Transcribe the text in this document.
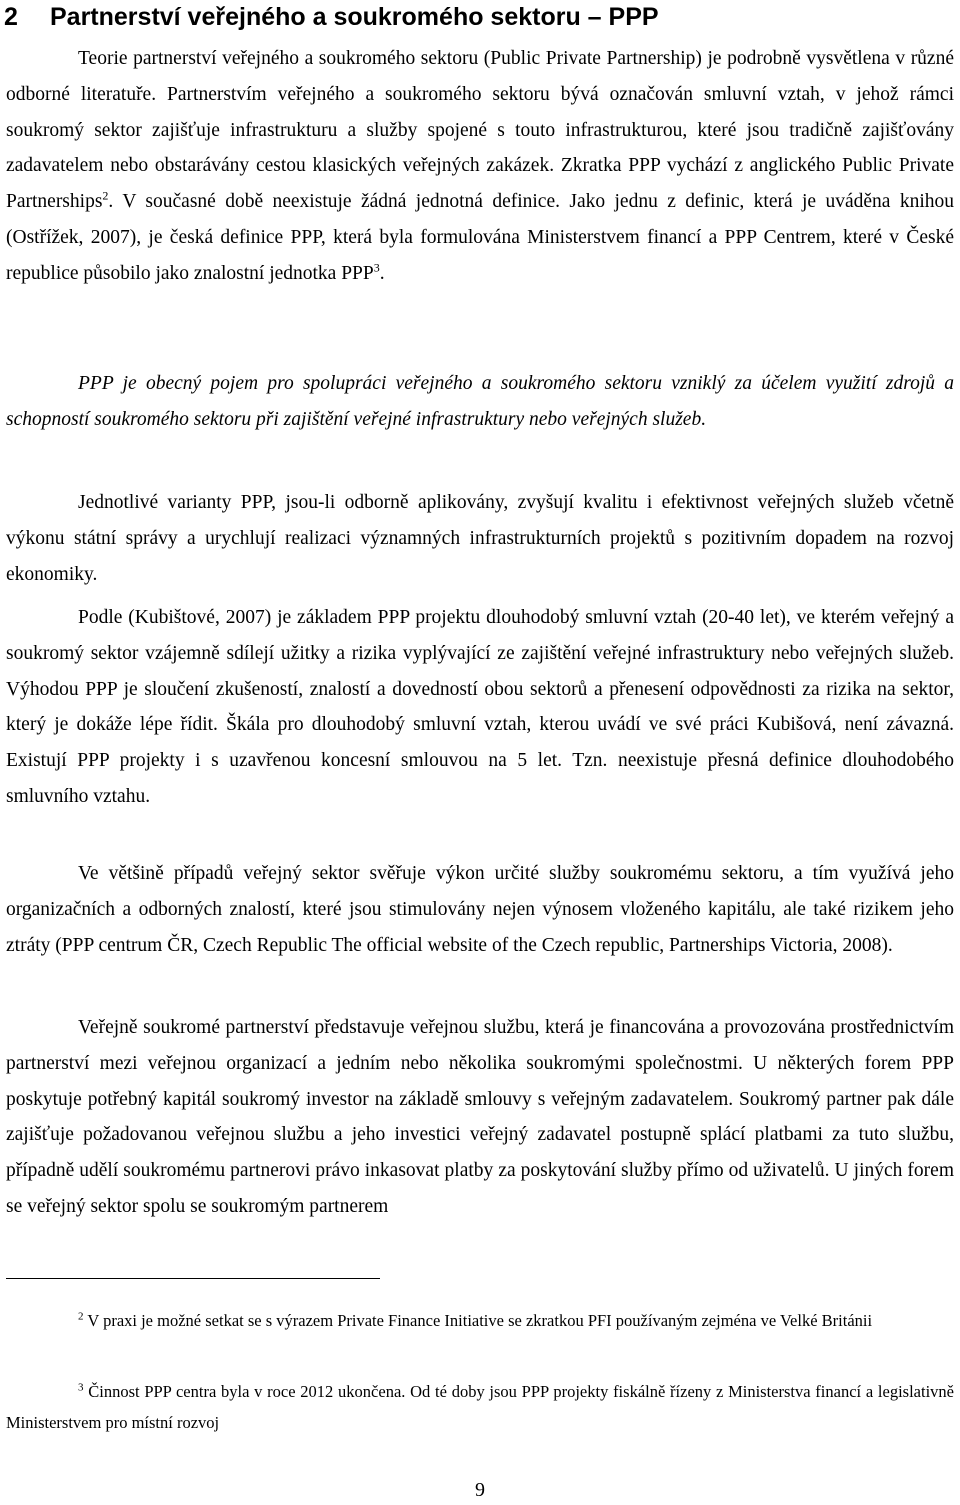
2 Partnerství veřejného a soukromého sektoru – PPP

Teorie partnerství veřejného a soukromého sektoru (Public Private Partnership) je podrobně vysvětlena v různé odborné literatuře. Partnerstvím veřejného a soukromého sektoru bývá označován smluvní vztah, v jehož rámci soukromý sektor zajišťuje infrastrukturu a služby spojené s touto infrastrukturou, které jsou tradičně zajišťovány zadavatelem nebo obstarávány cestou klasických veřejných zakázek. Zkratka PPP vychází z anglického Public Private Partnerships$^2$. V současné době neexistuje žádná jednotná definice. Jako jednu z definic, která je uváděna knihou (Ostřížek, 2007), je česká definice PPP, která byla formulována Ministerstvem financí a PPP Centrem, které v České republice působilo jako znalostní jednotka PPP$^3$.

PPP je obecný pojem pro spolupráci veřejného a soukromého sektoru vzniklý za účelem využití zdrojů a schopností soukromého sektoru při zajištění veřejné infrastruktury nebo veřejných služeb.

Jednotlivé varianty PPP, jsou-li odborně aplikovány, zvyšují kvalitu i efektivnost veřejných služeb včetně výkonu státní správy a urychlují realizaci významných infrastrukturních projektů s pozitivním dopadem na rozvoj ekonomiky.

Podle (Kubištové, 2007) je základem PPP projektu dlouhodobý smluvní vztah (20-40 let), ve kterém veřejný a soukromý sektor vzájemně sdílejí užitky a rizika vyplývající ze zajištění veřejné infrastruktury nebo veřejných služeb. Výhodou PPP je sloučení zkušeností, znalostí a dovedností obou sektorů a přenesení odpovědnosti za rizika na sektor, který je dokáže lépe řídit. Škála pro dlouhodobý smluvní vztah, kterou uvádí ve své práci Kubišová, není závazná. Existují PPP projekty i s uzavřenou koncesní smlouvou na 5 let. Tzn. neexistuje přesná definice dlouhodobého smluvního vztahu.

Ve většině případů veřejný sektor svěřuje výkon určité služby soukromému sektoru, a tím využívá jeho organizačních a odborných znalostí, které jsou stimulovány nejen výnosem vloženého kapitálu, ale také rizikem jeho ztráty (PPP centrum ČR, Czech Republic The official website of the Czech republic, Partnerships Victoria, 2008).

Veřejně soukromé partnerství představuje veřejnou službu, která je financována a provozována prostřednictvím partnerství mezi veřejnou organizací a jedním nebo několika soukromými společnostmi. U některých forem PPP poskytuje potřebný kapitál soukromý investor na základě smlouvy s veřejným zadavatelem. Soukromý partner pak dále zajišťuje požadovanou veřejnou službu a jeho investici veřejný zadavatel postupně splácí platbami za tuto službu, případně udělí soukromému partnerovi právo inkasovat platby za poskytování služby přímo od uživatelů. U jiných forem se veřejný sektor spolu se soukromým partnerem

$^2$ V praxi je možné setkat se s výrazem Private Finance Initiative se zkratkou PFI používaným zejména ve Velké Británii

$^3$ Činnost PPP centra byla v roce 2012 ukončena. Od té doby jsou PPP projekty fiskálně řízeny z Ministerstva financí a legislativně Ministerstvem pro místní rozvoj

9
